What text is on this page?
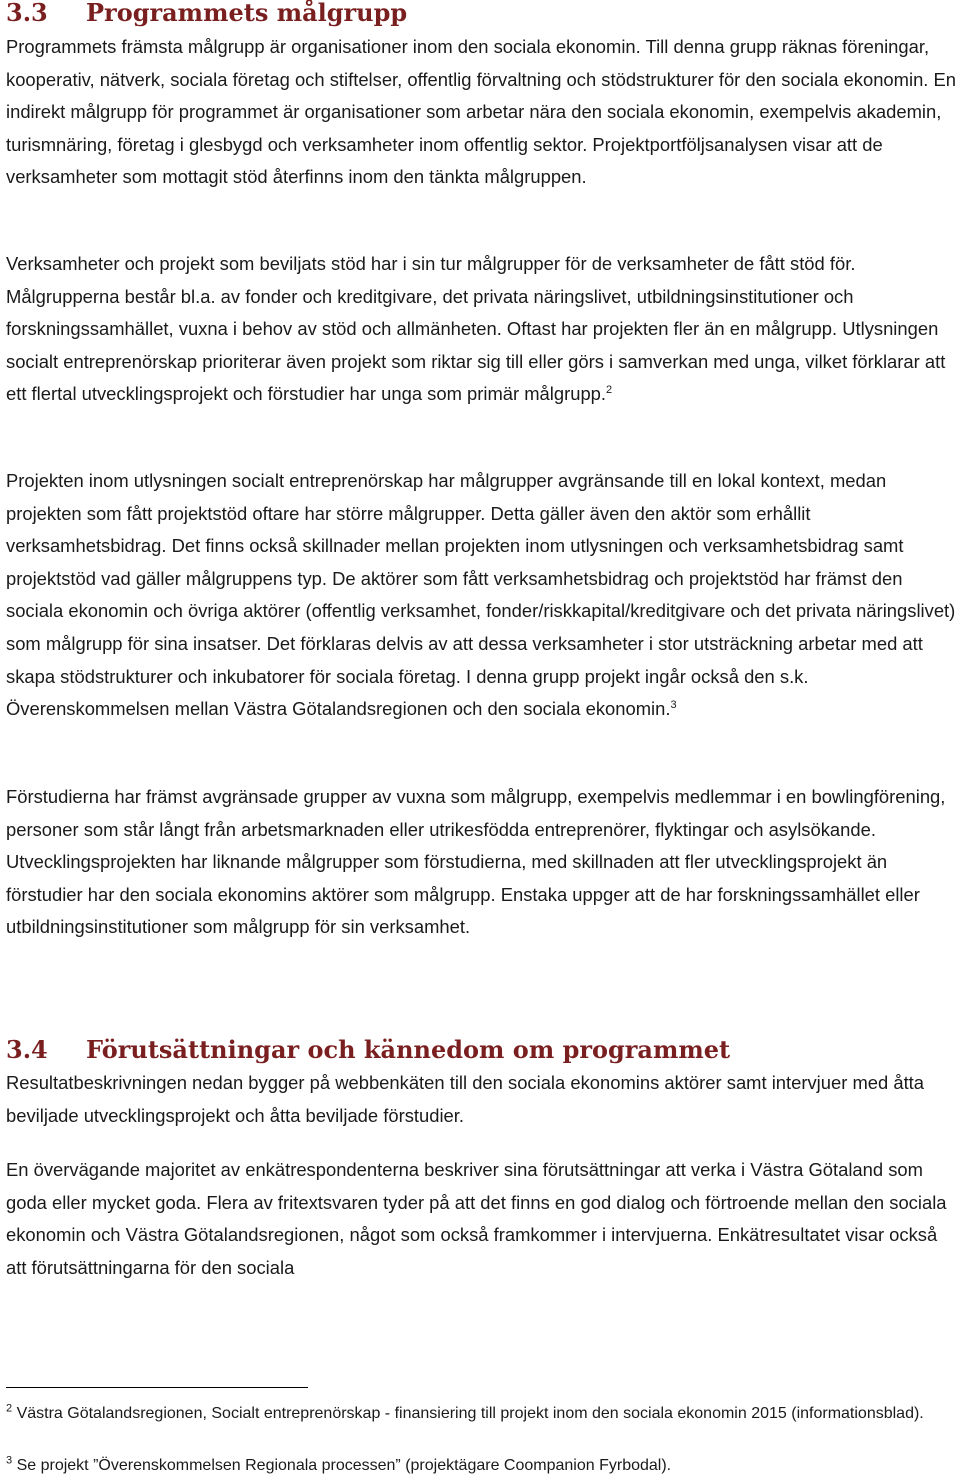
3.3 Programmets målgrupp

Programmets främsta målgrupp är organisationer inom den sociala ekonomin. Till denna grupp räknas föreningar, kooperativ, nätverk, sociala företag och stiftelser, offentlig förvaltning och stödstrukturer för den sociala ekonomin. En indirekt målgrupp för programmet är organisationer som arbetar nära den sociala ekonomin, exempelvis akademin, turismnäring, företag i glesbygd och verksamheter inom offentlig sektor. Projektportföljsanalysen visar att de verksamheter som mottagit stöd återfinns inom den tänkta målgruppen.

Verksamheter och projekt som beviljats stöd har i sin tur målgrupper för de verksamheter de fått stöd för. Målgrupperna består bl.a. av fonder och kreditgivare, det privata näringslivet, utbildningsinstitutioner och forskningssamhället, vuxna i behov av stöd och allmänheten. Oftast har projekten fler än en målgrupp. Utlysningen socialt entreprenörskap prioriterar även projekt som riktar sig till eller görs i samverkan med unga, vilket förklarar att ett flertal utvecklingsprojekt och förstudier har unga som primär målgrupp.$^2$

Projekten inom utlysningen socialt entreprenörskap har målgrupper avgränsande till en lokal kontext, medan projekten som fått projektstöd oftare har större målgrupper. Detta gäller även den aktör som erhållit verksamhetsbidrag. Det finns också skillnader mellan projekten inom utlysningen och verksamhetsbidrag samt projektstöd vad gäller målgruppens typ. De aktörer som fått verksamhetsbidrag och projektstöd har främst den sociala ekonomin och övriga aktörer (offentlig verksamhet, fonder/riskkapital/kreditgivare och det privata näringslivet) som målgrupp för sina insatser. Det förklaras delvis av att dessa verksamheter i stor utsträckning arbetar med att skapa stödstrukturer och inkubatorer för sociala företag. I denna grupp projekt ingår också den s.k. Överenskommelsen mellan Västra Götalandsregionen och den sociala ekonomin.$^3$

Förstudierna har främst avgränsade grupper av vuxna som målgrupp, exempelvis medlemmar i en bowlingförening, personer som står långt från arbetsmarknaden eller utrikesfödda entreprenörer, flyktingar och asylsökande. Utvecklingsprojekten har liknande målgrupper som förstudierna, med skillnaden att fler utvecklingsprojekt än förstudier har den sociala ekonomins aktörer som målgrupp. Enstaka uppger att de har forskningssamhället eller utbildningsinstitutioner som målgrupp för sin verksamhet.

3.4 Förutsättningar och kännedom om programmet

Resultatbeskrivningen nedan bygger på webbenkäten till den sociala ekonomins aktörer samt intervjuer med åtta beviljade utvecklingsprojekt och åtta beviljade förstudier.

En övervägande majoritet av enkätrespondenterna beskriver sina förutsättningar att verka i Västra Götaland som goda eller mycket goda. Flera av fritextsvaren tyder på att det finns en god dialog och förtroende mellan den sociala ekonomin och Västra Götalandsregionen, något som också framkommer i intervjuerna. Enkätresultatet visar också att förutsättningarna för den sociala

$^2$ Västra Götalandsregionen, Socialt entreprenörskap - finansiering till projekt inom den sociala ekonomin 2015 (informationsblad).

$^3$ Se projekt ”Överenskommelsen Regionala processen” (projektägare Coompanion Fyrbodal).
